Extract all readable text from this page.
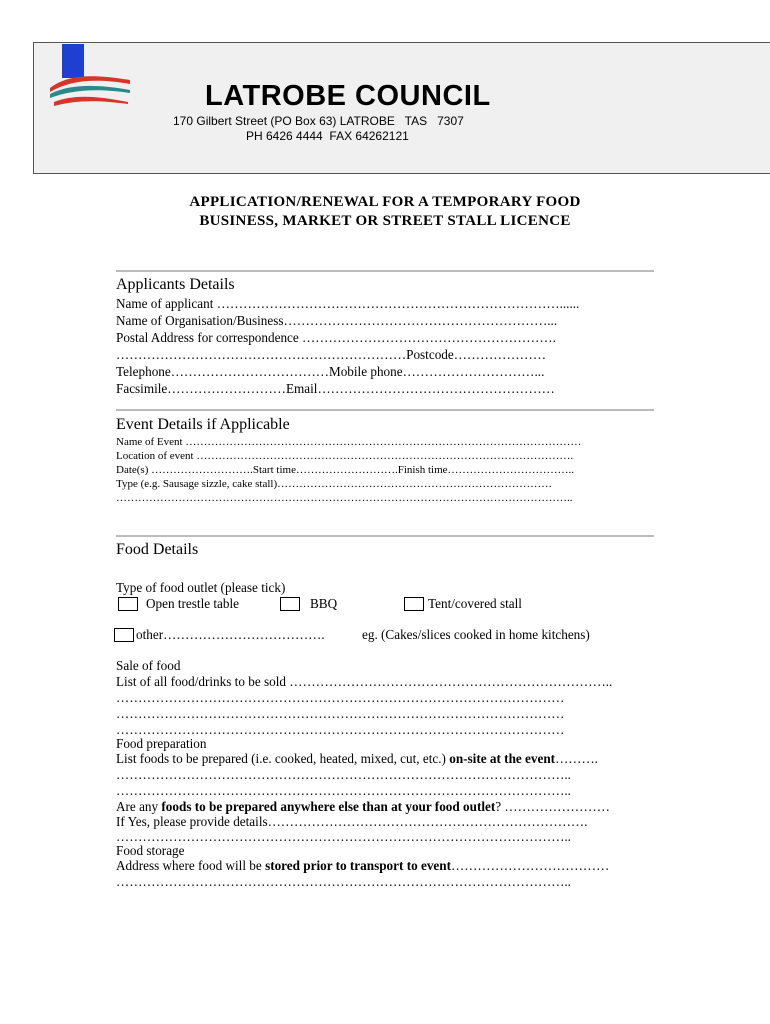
LATROBE COUNCIL
170 Gilbert Street (PO Box 63) LATROBE   TAS   7307
PH 6426 4444  FAX 64262121
APPLICATION/RENEWAL FOR A TEMPORARY FOOD
BUSINESS, MARKET OR STREET STALL LICENCE
Applicants Details
Name of applicant ……………………………………………………………………......
Name of Organisation/Business……………………………………………………...
Postal Address for correspondence ………………………………………………….
…………………………………………………………Postcode…………………
Telephone………………………………Mobile phone…………………………...
Facsimile………………………Email………………………………………………
Event Details if Applicable
Name of Event ………………………………………………………………………………………………
Location of event ………………………………………………………………………………………….
Date(s) ……………………….Start time……………………….Finish time……………………………..
Type (e.g. Sausage sizzle, cake stall)…………………………………………………………………
……………………………………………………………………………………………………………..
Food Details
Type of food outlet (please tick)
Open trestle table	BBQ	Tent/covered stall
other……………………………….	eg. (Cakes/slices cooked in home kitchens)
Sale of food
List of all food/drinks to be sold ………………………………………………………………..
…………………………………………………………………………………………
…………………………………………………………………………………………
…………………………………………………………………………………………
Food preparation
List foods to be prepared (i.e. cooked, heated, mixed, cut, etc.) on-site at the event……….
…………………………………………………………………………………………..
…………………………………………………………………………………………..
Are any foods to be prepared anywhere else than at your food outlet? ……………………
If Yes, please provide details……………………………………………………………….
…………………………………………………………………………………………..
Food storage
Address where food will be stored prior to transport to event………………………………
…………………………………………………………………………………………..
